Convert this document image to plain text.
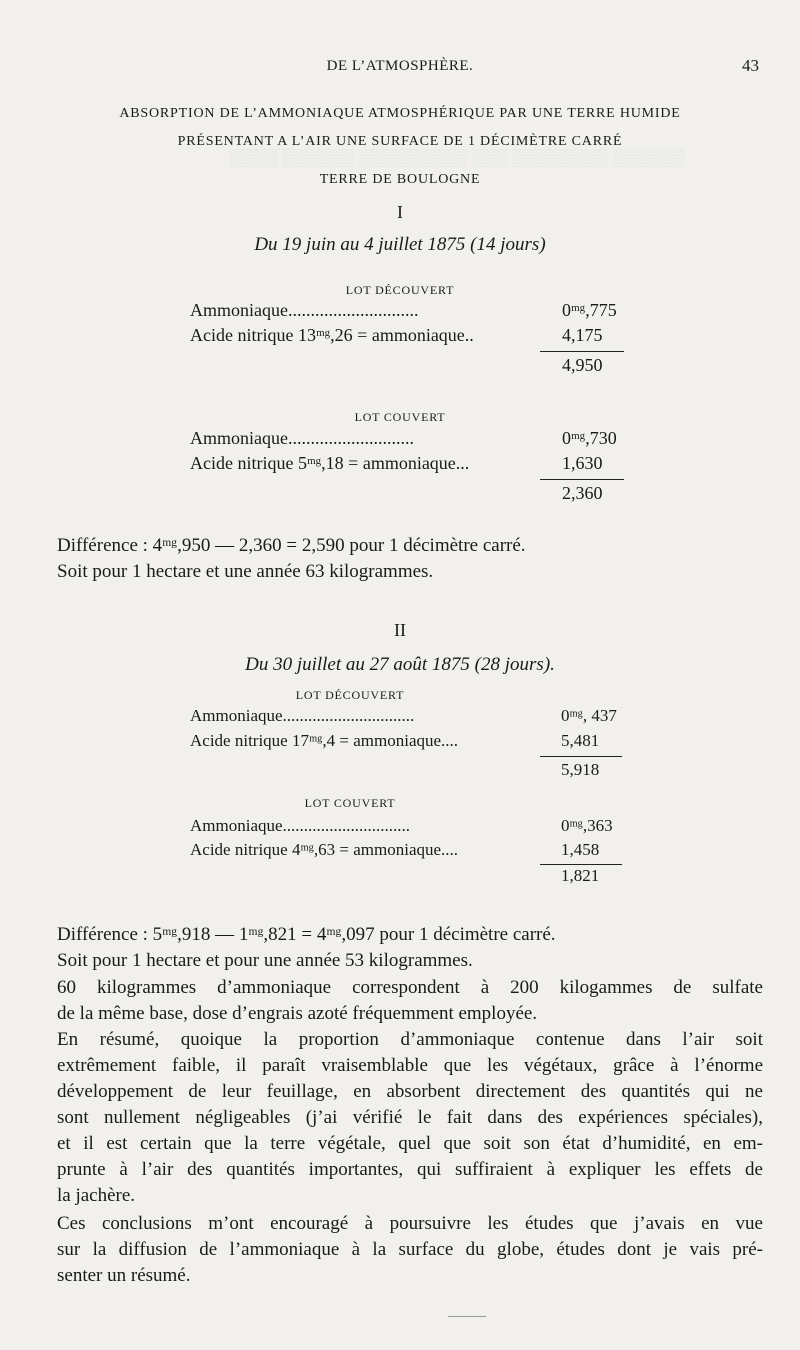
▒▒▒▒ ▒▒▒▒▒▒ ▒▒▒▒▒▒▒▒▒ ▒▒▒ ▒▒▒▒▒▒▒▒ ▒▒▒▒▒▒
DE L’ATMOSPHÈRE.	43
ABSORPTION DE L’AMMONIAQUE ATMOSPHÉRIQUE PAR UNE TERRE HUMIDE
PRÉSENTANT A L’AIR UNE SURFACE DE 1 DÉCIMÈTRE CARRÉ
TERRE DE BOULOGNE
I
Du 19 juin au 4 juillet 1875 (14 jours)
LOT DÉCOUVERT
Ammoniaque.............................	0ᵐᵍ,775
Acide nitrique 13ᵐᵍ,26 = ammoniaque..	4,175
4,950
LOT COUVERT
Ammoniaque............................	0ᵐᵍ,730
Acide nitrique 5ᵐᵍ,18 = ammoniaque...	1,630
2,360
Différence : 4ᵐᵍ,950 — 2,360 = 2,590 pour 1 décimètre carré.
Soit pour 1 hectare et une année 63 kilogrammes.
II
Du 30 juillet au 27 août 1875 (28 jours).
LOT DÉCOUVERT
Ammoniaque...............................	0ᵐᵍ, 437
Acide nitrique 17ᵐᵍ,4 = ammoniaque....	5,481
5,918
LOT COUVERT
Ammoniaque..............................	0ᵐᵍ,363
Acide nitrique 4ᵐᵍ,63 = ammoniaque....	1,458
1,821
Différence : 5ᵐᵍ,918 — 1ᵐᵍ,821 = 4ᵐᵍ,097 pour 1 décimètre carré.
Soit pour 1 hectare et pour une année 53 kilogrammes.
60 kilogrammes d’ammoniaque correspondent à 200 kilogammes de sulfate
de la même base, dose d’engrais azoté fréquemment employée.
En résumé, quoique la proportion d’ammoniaque contenue dans l’air soit
extrêmement faible, il paraît vraisemblable que les végétaux, grâce à l’énorme
développement de leur feuillage, en absorbent directement des quantités qui ne
sont nullement négligeables (j’ai vérifié le fait dans des expériences spéciales),
et il est certain que la terre végétale, quel que soit son état d’humidité, en em-
prunte à l’air des quantités importantes, qui suffiraient à expliquer les effets de
la jachère.
Ces conclusions m’ont encouragé à poursuivre les études que j’avais en vue
sur la diffusion de l’ammoniaque à la surface du globe, études dont je vais pré-
senter un résumé.
